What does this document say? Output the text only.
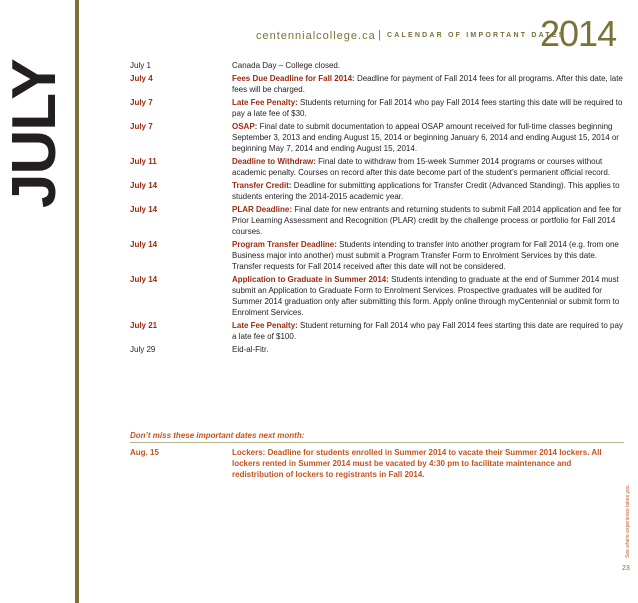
JULY
centennialcollege.ca | CALENDAR OF IMPORTANT DATES
2014
July 1	Canada Day – College closed.
July 4	Fees Due Deadline for Fall 2014: Deadline for payment of Fall 2014 fees for all programs. After this date, late fees will be charged.
July 7	Late Fee Penalty: Students returning for Fall 2014 who pay Fall 2014 fees starting this date will be required to pay a late fee of $30.
July 7	OSAP: Final date to submit documentation to appeal OSAP amount received for full-time classes beginning September 3, 2013 and ending August 15, 2014 or beginning January 6, 2014 and ending August 15, 2014 or beginning May 7, 2014 and ending August 15, 2014.
July 11	Deadline to Withdraw: Final date to withdraw from 15-week Summer 2014 programs or courses without academic penalty. Courses on record after this date become part of the student’s permanent official record.
July 14	Transfer Credit: Deadline for submitting applications for Transfer Credit (Advanced Standing). This applies to students entering the 2014-2015 academic year.
July 14	PLAR Deadline: Final date for new entrants and returning students to submit Fall 2014 application and fee for Prior Learning Assessment and Recognition (PLAR) credit by the challenge process or portfolio for Fall 2014 courses.
July 14	Program Transfer Deadline: Students intending to transfer into another program for Fall 2014 (e.g. from one Business major into another) must submit a Program Transfer Form to Enrolment Services by this date. Transfer requests for Fall 2014 received after this date will not be considered.
July 14	Application to Graduate in Summer 2014: Students intending to graduate at the end of Summer 2014 must submit an Application to Graduate Form to Enrolment Services. Prospective graduates will be audited for Summer 2014 graduation only after submitting this form. Apply online through myCentennial or submit form to Enrolment Services.
July 21	Late Fee Penalty: Student returning for Fall 2014 who pay Fall 2014 fees starting this date are required to pay a late fee of $100.
July 29	Eid-al-Fitr.
Don’t miss these important dates next month:
Aug. 15	Lockers: Deadline for students enrolled in Summer 2014 to vacate their Summer 2014 lockers. All lockers rented in Summer 2014 must be vacated by 4:30 pm to facilitate maintenance and redistribution of lockers to registrants in Fall 2014.
See where experience takes you.
23
